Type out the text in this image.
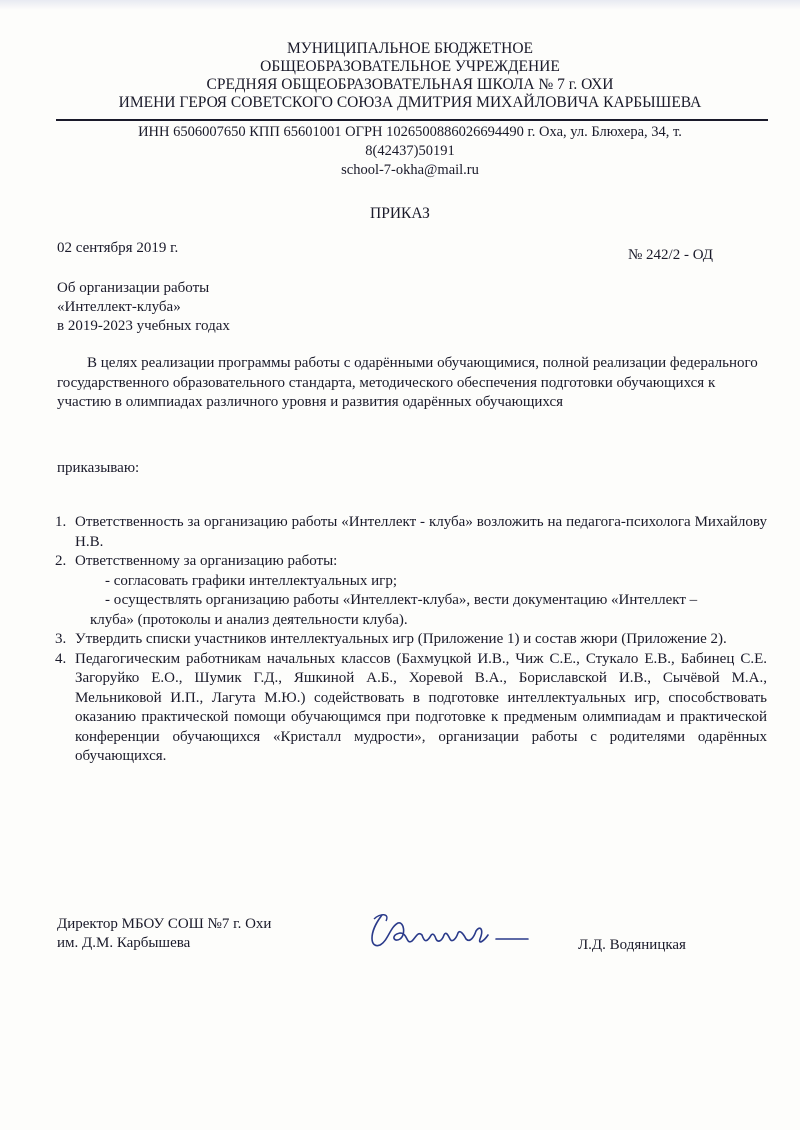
МУНИЦИПАЛЬНОЕ БЮДЖЕТНОЕ
ОБЩЕОБРАЗОВАТЕЛЬНОЕ УЧРЕЖДЕНИЕ
СРЕДНЯЯ ОБЩЕОБРАЗОВАТЕЛЬНАЯ ШКОЛА № 7 г. ОХИ
ИМЕНИ ГЕРОЯ СОВЕТСКОГО СОЮЗА ДМИТРИЯ МИХАЙЛОВИЧА КАРБЫШЕВА
ИНН 6506007650 КПП 65601001 ОГРН 1026500886026694490 г. Оха, ул. Блюхера, 34, т.
8(42437)50191
school-7-okha@mail.ru
ПРИКАЗ
02 сентября 2019 г.	№ 242/2 - ОД
Об организации работы
«Интеллект-клуба»
в 2019-2023 учебных годах
В целях реализации программы работы с одарёнными обучающимися, полной реализации федерального государственного образовательного стандарта, методического обеспечения подготовки обучающихся к участию в олимпиадах различного уровня и развития одарённых обучающихся
приказываю:
1. Ответственность за организацию работы «Интеллект - клуба» возложить на педагога-психолога Михайлову Н.В.
2. Ответственному за организацию работы:
- согласовать графики интеллектуальных игр;
- осуществлять организацию работы «Интеллект-клуба», вести документацию «Интеллект –
клуба» (протоколы и анализ деятельности клуба).
3. Утвердить списки участников интеллектуальных игр (Приложение 1) и состав жюри (Приложение 2).
4. Педагогическим работникам начальных классов (Бахмуцкой И.В., Чиж С.Е., Стукало Е.В., Бабинец С.Е. Загоруйко Е.О., Шумик Г.Д., Яшкиной А.Б., Хоревой В.А., Бориславской И.В., Сычёвой М.А., Мельниковой И.П., Лагута М.Ю.) содействовать в подготовке интеллектуальных игр, способствовать оказанию практической помощи обучающимся при подготовке к предменым олимпиадам и практической конференции обучающихся «Кристалл мудрости», организации работы с родителями одарённых обучающихся.
Директор МБОУ СОШ №7 г. Охи
им. Д.М. Карбышева	Л.Д. Водяницкая
